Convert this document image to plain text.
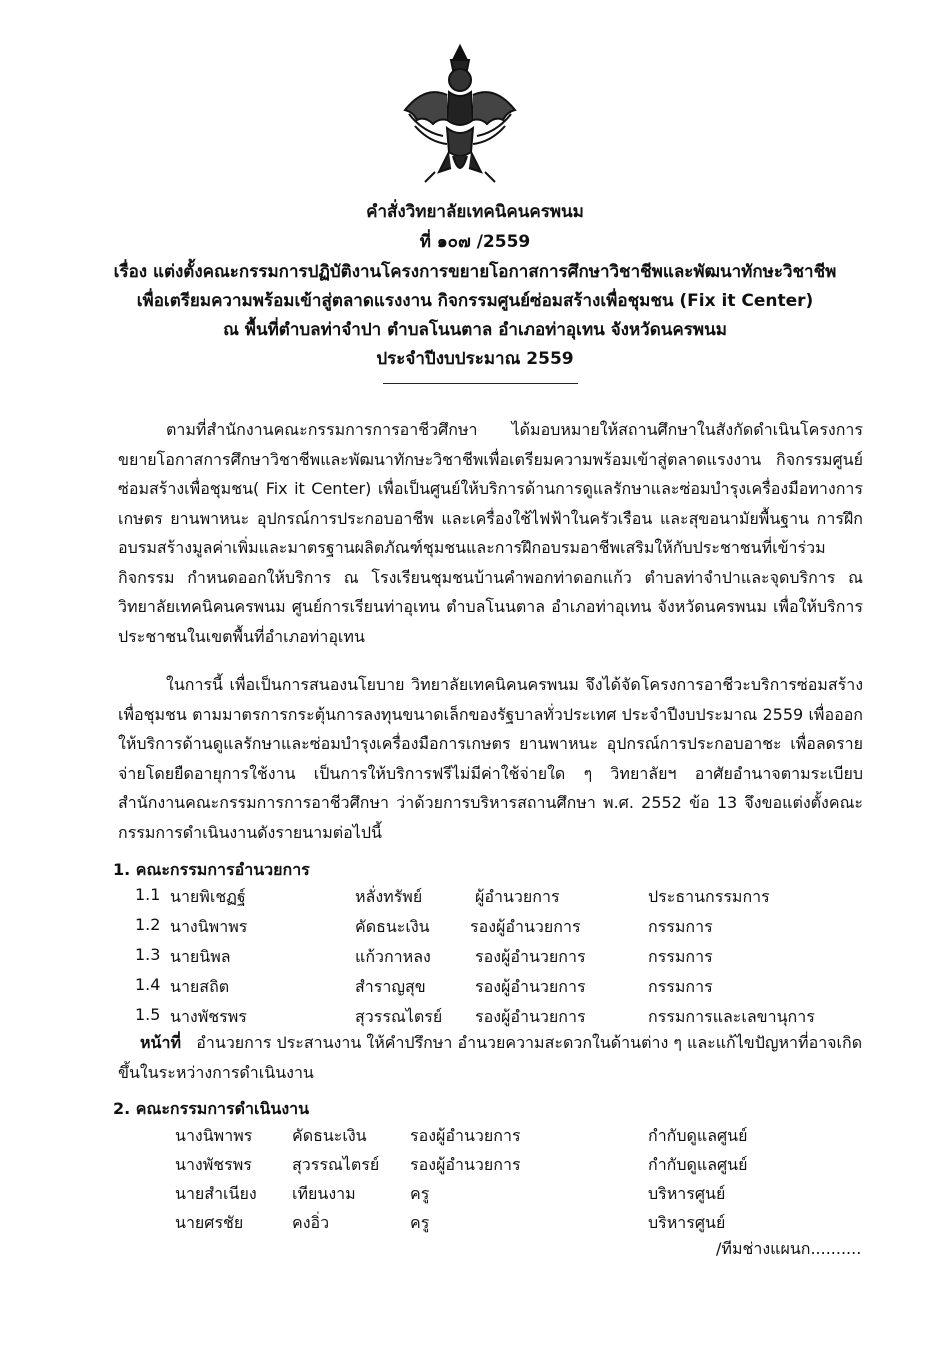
คำสั่งวิทยาลัยเทคนิคนครพนม
ที่ ๑๐๗ /2559
เรื่อง แต่งตั้งคณะกรรมการปฏิบัติงานโครงการขยายโอกาสการศึกษาวิชาชีพและพัฒนาทักษะวิชาชีพ
เพื่อเตรียมความพร้อมเข้าสู่ตลาดแรงงาน กิจกรรมศูนย์ซ่อมสร้างเพื่อชุมชน (Fix it Center)
ณ พื้นที่ตำบลท่าจำปา ตำบลโนนตาล อำเภอท่าอุเทน จังหวัดนครพนม
ประจำปีงบประมาณ 2559

ตามที่สำนักงานคณะกรรมการการอาชีวศึกษา ได้มอบหมายให้สถานศึกษาในสังกัดดำเนินโครงการขยายโอกาสการศึกษาวิชาชีพและพัฒนาทักษะวิชาชีพเพื่อเตรียมความพร้อมเข้าสู่ตลาดแรงงาน กิจกรรมศูนย์ซ่อมสร้างเพื่อชุมชน( Fix it Center) เพื่อเป็นศูนย์ให้บริการด้านการดูแลรักษาและซ่อมบำรุงเครื่องมือทางการเกษตร ยานพาหนะ อุปกรณ์การประกอบอาชีพ และเครื่องใช้ไฟฟ้าในครัวเรือน และสุขอนามัยพื้นฐาน การฝึกอบรมสร้างมูลค่าเพิ่มและมาตรฐานผลิตภัณฑ์ชุมชนและการฝึกอบรมอาชีพเสริมให้กับประชาชนที่เข้าร่วมกิจกรรม กำหนดออกให้บริการ ณ โรงเรียนชุมชนบ้านคำพอกท่าดอกแก้ว ตำบลท่าจำปาและจุดบริการ ณ วิทยาลัยเทคนิคนครพนม ศูนย์การเรียนท่าอุเทน ตำบลโนนตาล อำเภอท่าอุเทน จังหวัดนครพนม เพื่อให้บริการประชาชนในเขตพื้นที่อำเภอท่าอุเทน

ในการนี้ เพื่อเป็นการสนองนโยบาย วิทยาลัยเทคนิคนครพนม จึงได้จัดโครงการอาชีวะบริการซ่อมสร้างเพื่อชุมชน ตามมาตรการกระตุ้นการลงทุนขนาดเล็กของรัฐบาลทั่วประเทศ ประจำปีงบประมาณ 2559 เพื่อออกให้บริการด้านดูแลรักษาและซ่อมบำรุงเครื่องมือการเกษตร ยานพาหนะ อุปกรณ์การประกอบอาชะ เพื่อลดรายจ่ายโดยยืดอายุการใช้งาน เป็นการให้บริการฟรีไม่มีค่าใช้จ่ายใด ๆ วิทยาลัยฯ อาศัยอำนาจตามระเบียบ สำนักงานคณะกรรมการการอาชีวศึกษา ว่าด้วยการบริหารสถานศึกษา พ.ศ. 2552 ข้อ 13 จึงขอแต่งตั้งคณะกรรมการดำเนินงานดังรายนามต่อไปนี้

1. คณะกรรมการอำนวยการ
1.1 นายพิเชฏฐ์	หลั่งทรัพย์	ผู้อำนวยการ	ประธานกรรมการ
1.2 นางนิพาพร	คัดธนะเงิน	รองผู้อำนวยการ	กรรมการ
1.3 นายนิพล	แก้วกาหลง	รองผู้อำนวยการ	กรรมการ
1.4 นายสถิต	สำราญสุข	รองผู้อำนวยการ	กรรมการ
1.5 นางพัชรพร	สุวรรณไตรย์ รองผู้อำนวยการ	กรรมการและเลขานุการ
หน้าที่ อำนวยการ ประสานงาน ให้คำปรึกษา อำนวยความสะดวกในด้านต่าง ๆ และแก้ไขปัญหาที่อาจเกิดขึ้นในระหว่างการดำเนินงาน
2. คณะกรรมการดำเนินงาน
นางนิพาพร คัดธนะเงิน	รองผู้อำนวยการ	กำกับดูแลศูนย์
นางพัชรพร	สุวรรณไตรย์ รองผู้อำนวยการ	กำกับดูแลศูนย์
นายสำเนียง เทียนงาม	ครู	บริหารศูนย์
นายศรชัย	คงอิ่ว	ครู	บริหารศูนย์
/ทีมช่างแผนก..........
